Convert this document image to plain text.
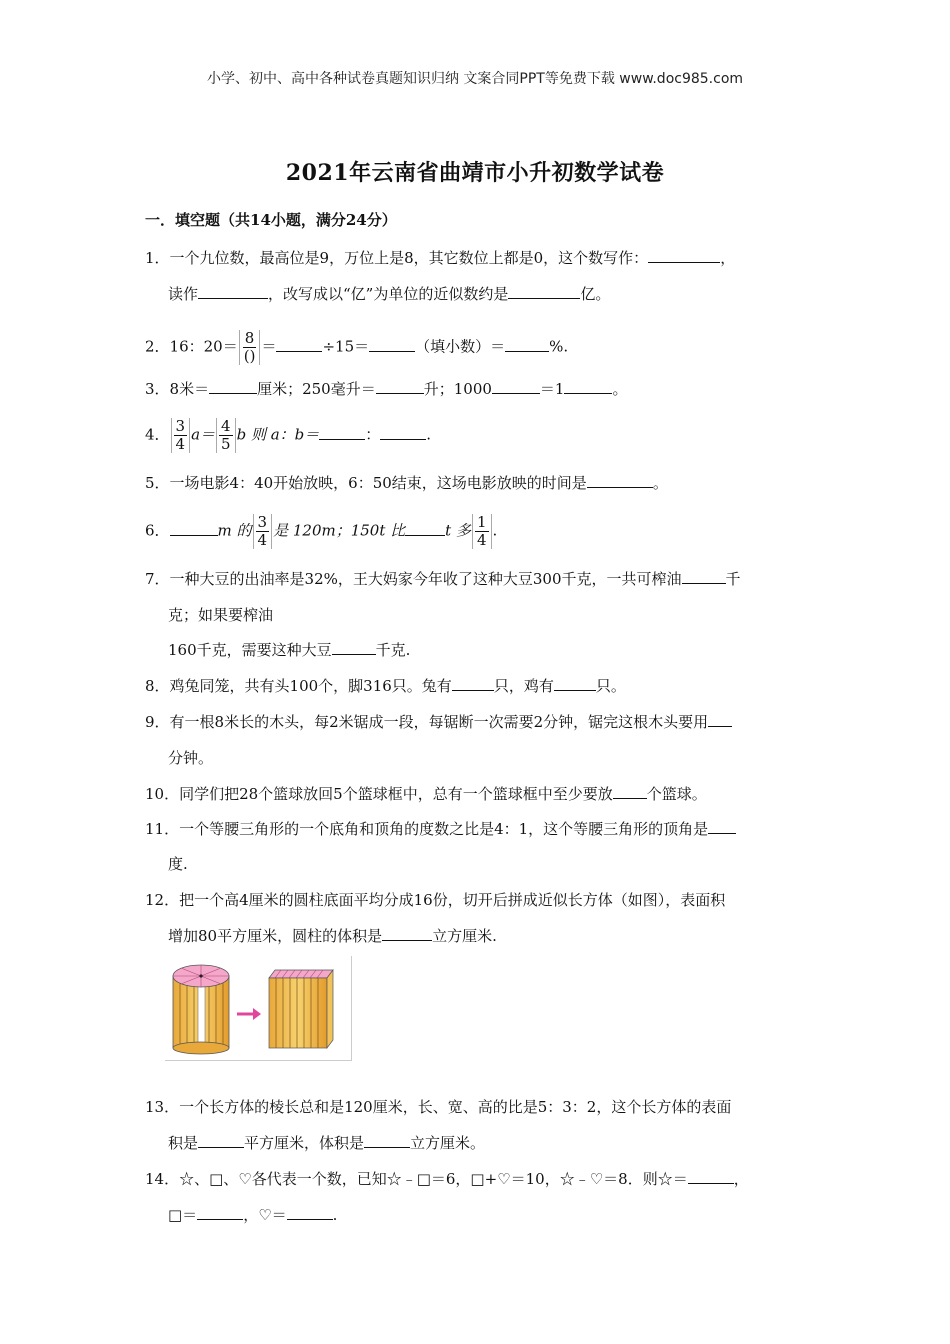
小学、初中、高中各种试卷真题知识归纳 文案合同PPT等免费下载 www.doc985.com
2021年云南省曲靖市小升初数学试卷
一．填空题（共14小题，满分24分）
1．一个九位数，最高位是9，万位上是8，其它数位上都是0，这个数写作：	，
读作	，改写成以“亿”为单位的近似数约是	亿。
2．16：$20= \frac{8}{()}$ ＝	÷15＝	（填小数）＝	%.
3．8米＝	厘米；250毫升＝	升；1000	＝1	。
4． $\frac{3}{4} a= \frac{4}{5}$ b 则 a：b＝	：	.
5．一场电影4：40开始放映，6：50结束，这场电影放映的时间是	。
6．	m 的 $\frac{3}{4}$ 是 120m；150t 比	t 多 $\frac{1}{4}$ .
7．一种大豆的出油率是32%，王大妈家今年收了这种大豆300千克，一共可榨油	千
克；如果要榨油
160千克，需要这种大豆	千克.
8．鸡兔同笼，共有头100个，脚316只。兔有	只，鸡有	只。
9．有一根8米长的木头，每2米锯成一段，每锯断一次需要2分钟，锯完这根木头要用
分钟。
10．同学们把28个篮球放回5个篮球框中，总有一个篮球框中至少要放 个篮球。
11．一个等腰三角形的一个底角和顶角的度数之比是4：1，这个等腰三角形的顶角是
度.
12．把一个高4厘米的圆柱底面平均分成16份，切开后拼成近似长方体（如图），表面积
增加80平方厘米，圆柱的体积是	立方厘米.
13．一个长方体的棱长总和是120厘米，长、宽、高的比是5：3：2，这个长方体的表面
积是	平方厘米，体积是	立方厘米。
14．☆、□、♡各代表一个数，已知☆﹣□＝6，□+♡＝10，☆﹣♡＝8．则☆＝	，
□＝	，♡＝	.
